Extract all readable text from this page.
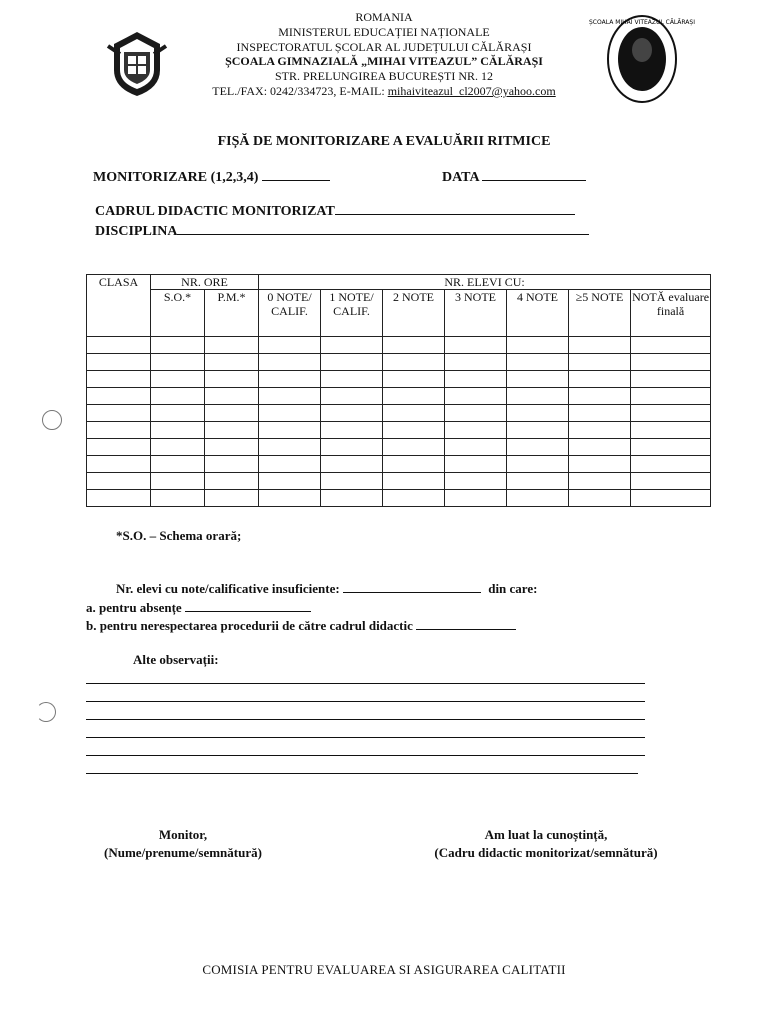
ȘCOALA MIHAI VITEAZUL CĂLĂRAȘI
ROMANIA
MINISTERUL EDUCAȚIEI NAȚIONALE
INSPECTORATUL ȘCOLAR AL JUDEȚULUI CĂLĂRAȘI
ȘCOALA GIMNAZIALĂ „MIHAI VITEAZUL” CĂLĂRAȘI
STR. PRELUNGIREA BUCUREȘTI NR. 12
TEL./FAX: 0242/334723, E-MAIL: mihaiviteazul_cl2007@yahoo.com
FIȘĂ DE MONITORIZARE A EVALUĂRII RITMICE
MONITORIZARE (1,2,3,4)	DATA
CADRUL DIDACTIC MONITORIZAT
DISCIPLINA
CLASA	NR. ORE		NR. ELEVI CU:						
	S.O.*	P.M.*	0 NOTE/ CALIF.	1 NOTE/ CALIF.	2 NOTE	3 NOTE	4 NOTE	≥5 NOTE	NOTĂ evaluare finală

*S.O. – Schema orară;
Nr. elevi cu note/calificative insuficiente:	din care:
a. pentru absențe
b. pentru nerespectarea procedurii de către cadrul didactic
Alte observații:
Monitor,
(Nume/prenume/semnătură)
Am luat la cunoștință,
(Cadru didactic monitorizat/semnătură)
COMISIA PENTRU EVALUAREA SI ASIGURAREA CALITATII
